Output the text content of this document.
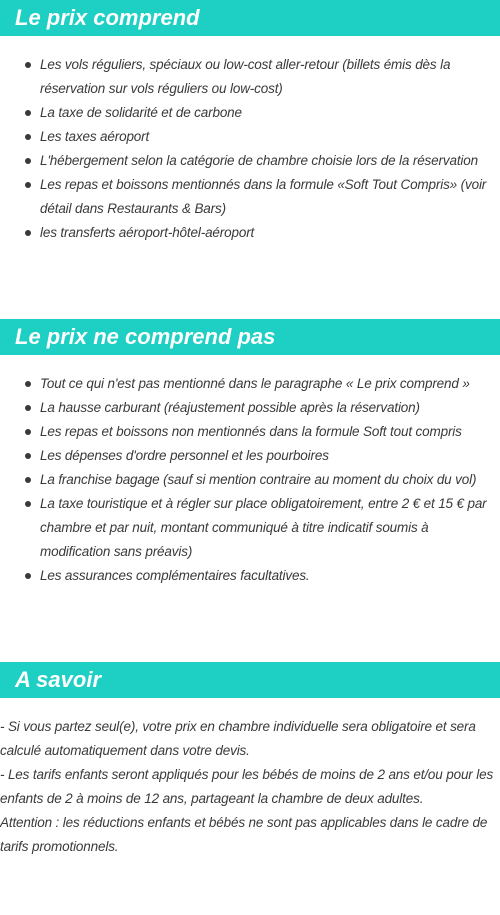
Le prix comprend
Les vols réguliers, spéciaux ou low-cost aller-retour (billets émis dès la réservation sur vols réguliers ou low-cost)
La taxe de solidarité et de carbone
Les taxes aéroport
L'hébergement selon la catégorie de chambre choisie lors de la réservation
Les repas et boissons mentionnés dans la formule «Soft Tout Compris» (voir détail dans Restaurants & Bars)
les transferts aéroport-hôtel-aéroport
Le prix ne comprend pas
Tout ce qui n'est pas mentionné dans le paragraphe « Le prix comprend »
La hausse carburant (réajustement possible après la réservation)
Les repas et boissons non mentionnés dans la formule Soft tout compris
Les dépenses d'ordre personnel et les pourboires
La franchise bagage (sauf si mention contraire au moment du choix du vol)
La taxe touristique et à régler sur place obligatoirement, entre 2 € et 15 € par chambre et par nuit, montant communiqué à titre indicatif soumis à modification sans préavis)
Les assurances complémentaires facultatives.
A savoir

- Si vous partez seul(e), votre prix en chambre individuelle sera obligatoire et sera calculé automatiquement dans votre devis.

- Les tarifs enfants seront appliqués pour les bébés de moins de 2 ans et/ou pour les enfants de 2 à moins de 12 ans, partageant la chambre de deux adultes.

Attention : les réductions enfants et bébés ne sont pas applicables dans le cadre de tarifs promotionnels.
